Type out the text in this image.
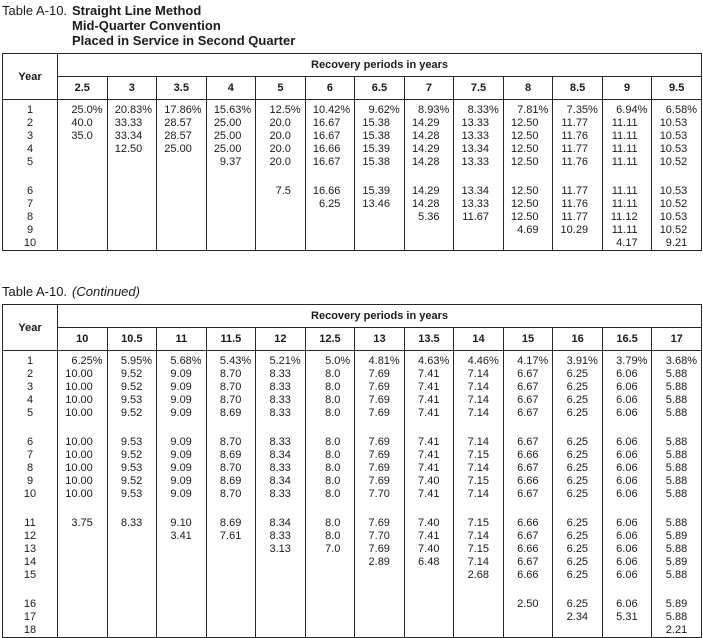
Table A-10. Straight Line Method
Mid-Quarter Convention
Placed in Service in Second Quarter
Year	Recovery periods in years												
	2.5	3	3.5	4	5	6	6.5	7	7.5	8	8.5	9	9.5
1	25.0%	20.83%	17.86%	15.63%	12.5%	10.42%	9.62%	8.93%	8.33%	7.81%	7.35%	6.94%	6.58%
2	40.0	33.33	28.57	25.00	20.0	16.67	15.38	14.29	13.33	12.50	11.77	11.11	10.53
3	35.0	33.34	28.57	25.00	20.0	16.67	15.38	14.28	13.33	12.50	11.76	11.11	10.53
4		12.50	25.00	25.00	20.0	16.66	15.39	14.29	13.34	12.50	11.77	11.11	10.53
5				9.37	20.0	16.67	15.38	14.28	13.33	12.50	11.76	11.11	10.52

6					7.5	16.66	15.39	14.29	13.34	12.50	11.77	11.11	10.53
7						6.25	13.46	14.28	13.33	12.50	11.76	11.11	10.52
8								5.36	11.67	12.50	11.77	11.12	10.53
9										4.69	10.29	11.11	10.52
10												4.17	9.21
Table A-10. (Continued)
Year	Recovery periods in years												
	10	10.5	11	11.5	12	12.5	13	13.5	14	15	16	16.5	17
1	6.25%	5.95%	5.68%	5.43%	5.21%	5.0%	4.81%	4.63%	4.46%	4.17%	3.91%	3.79%	3.68%
2	10.00	9.52	9.09	8.70	8.33	8.0	7.69	7.41	7.14	6.67	6.25	6.06	5.88
3	10.00	9.52	9.09	8.70	8.33	8.0	7.69	7.41	7.14	6.67	6.25	6.06	5.88
4	10.00	9.53	9.09	8.70	8.33	8.0	7.69	7.41	7.14	6.67	6.25	6.06	5.88
5	10.00	9.52	9.09	8.69	8.33	8.0	7.69	7.41	7.14	6.67	6.25	6.06	5.88

6	10.00	9.53	9.09	8.70	8.33	8.0	7.69	7.41	7.14	6.67	6.25	6.06	5.88
7	10.00	9.52	9.09	8.69	8.34	8.0	7.69	7.41	7.15	6.66	6.25	6.06	5.88
8	10.00	9.53	9.09	8.70	8.33	8.0	7.69	7.41	7.14	6.67	6.25	6.06	5.88
9	10.00	9.52	9.09	8.69	8.34	8.0	7.69	7.40	7.15	6.66	6.25	6.06	5.88
10	10.00	9.53	9.09	8.70	8.33	8.0	7.70	7.41	7.14	6.67	6.25	6.06	5.88

11	3.75	8.33	9.10	8.69	8.34	8.0	7.69	7.40	7.15	6.66	6.25	6.06	5.88
12			3.41	7.61	8.33	8.0	7.70	7.41	7.14	6.67	6.25	6.06	5.89
13					3.13	7.0	7.69	7.40	7.15	6.66	6.25	6.06	5.88
14							2.89	6.48	7.14	6.67	6.25	6.06	5.89
15									2.68	6.66	6.25	6.06	5.88

16										2.50	6.25	6.06	5.89
17											2.34	5.31	5.88
18													2.21
